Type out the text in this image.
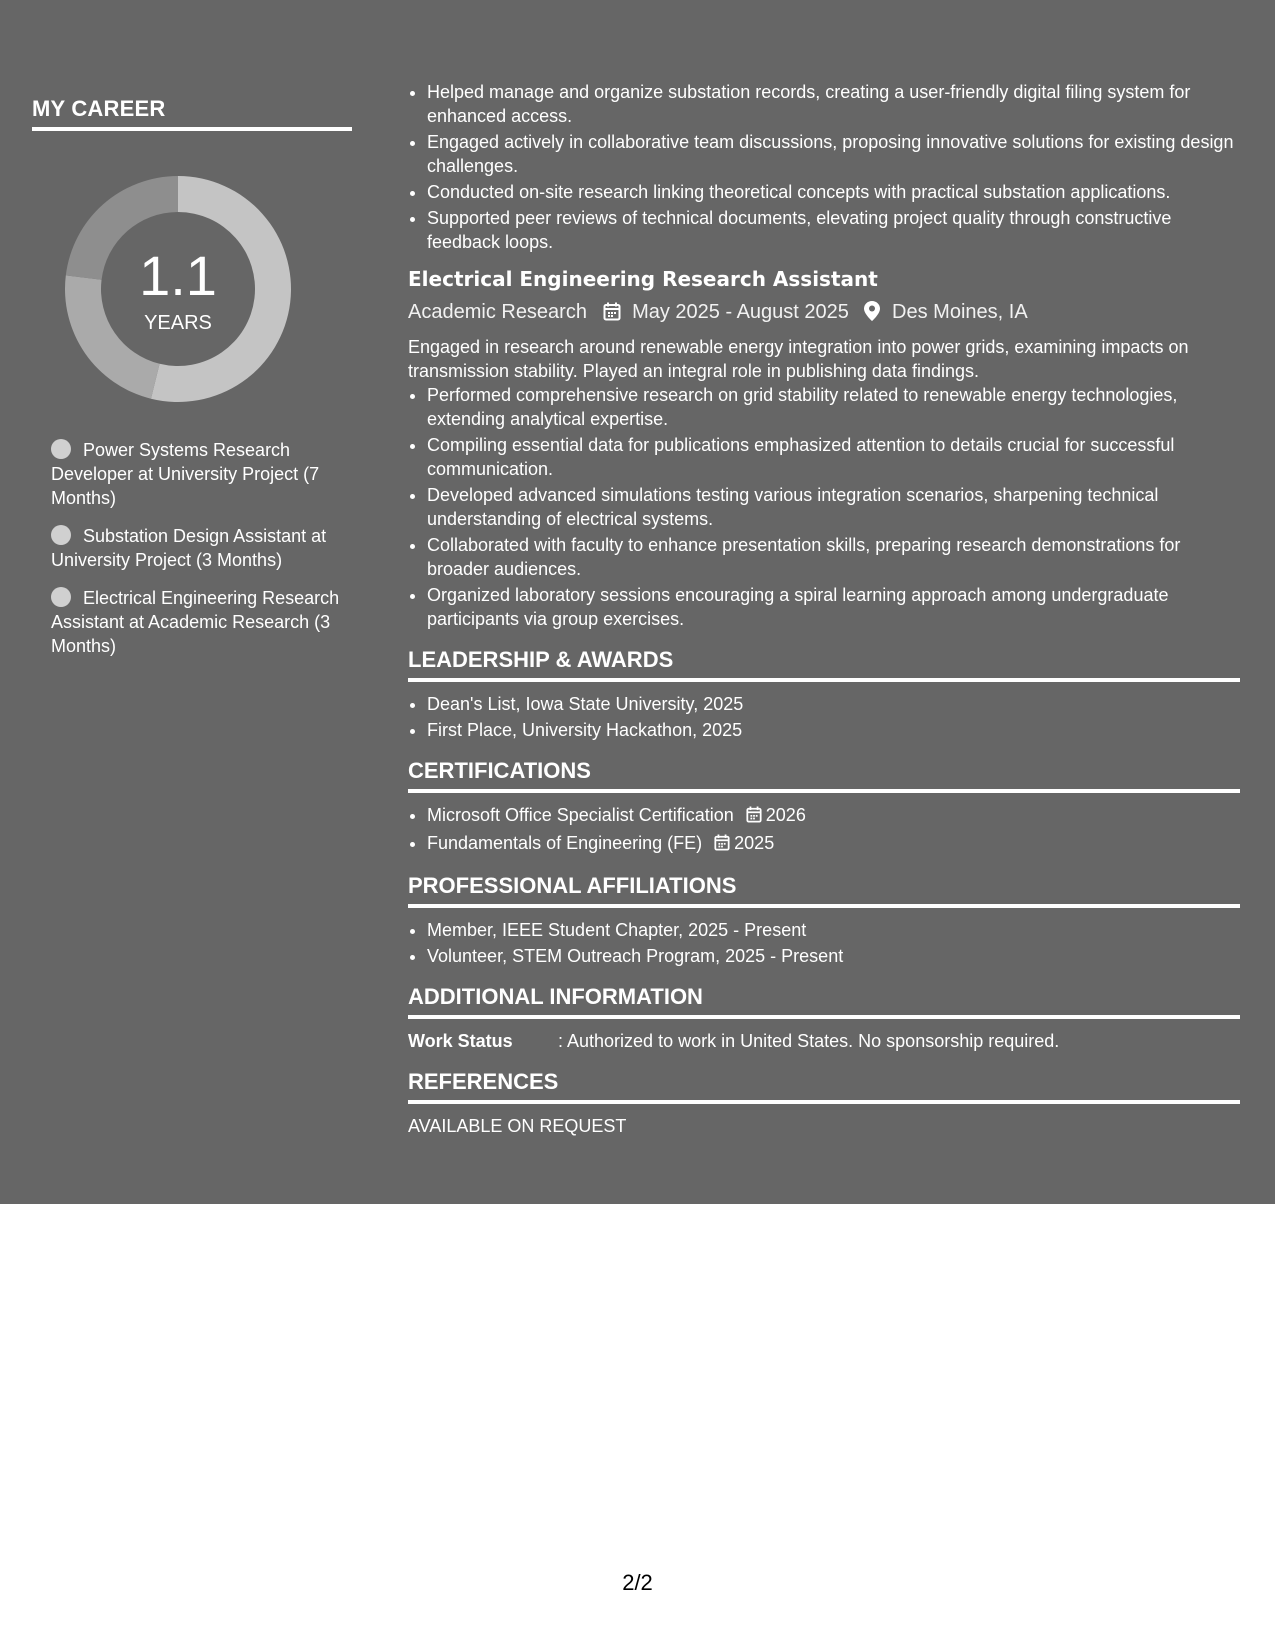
MY CAREER
1.1
YEARS
Power Systems Research Developer at University Project (7 Months)
Substation Design Assistant at University Project (3 Months)
Electrical Engineering Research Assistant at Academic Research (3 Months)
• Helped manage and organize substation records, creating a user-friendly digital filing system for enhanced access.
• Engaged actively in collaborative team discussions, proposing innovative solutions for existing design challenges.
• Conducted on-site research linking theoretical concepts with practical substation applications.
• Supported peer reviews of technical documents, elevating project quality through constructive feedback loops.
Electrical Engineering Research Assistant
Academic Research May 2025 - August 2025 Des Moines, IA
Engaged in research around renewable energy integration into power grids, examining impacts on transmission stability. Played an integral role in publishing data findings.
• Performed comprehensive research on grid stability related to renewable energy technologies, extending analytical expertise.
• Compiling essential data for publications emphasized attention to details crucial for successful communication.
• Developed advanced simulations testing various integration scenarios, sharpening technical understanding of electrical systems.
• Collaborated with faculty to enhance presentation skills, preparing research demonstrations for broader audiences.
• Organized laboratory sessions encouraging a spiral learning approach among undergraduate participants via group exercises.
LEADERSHIP & AWARDS
• Dean's List, Iowa State University, 2025
• First Place, University Hackathon, 2025
CERTIFICATIONS
• Microsoft Office Specialist Certification 2026
• Fundamentals of Engineering (FE) 2025
PROFESSIONAL AFFILIATIONS
• Member, IEEE Student Chapter, 2025 - Present
• Volunteer, STEM Outreach Program, 2025 - Present
ADDITIONAL INFORMATION
Work Status	: Authorized to work in United States. No sponsorship required.
REFERENCES
AVAILABLE ON REQUEST
2/2
